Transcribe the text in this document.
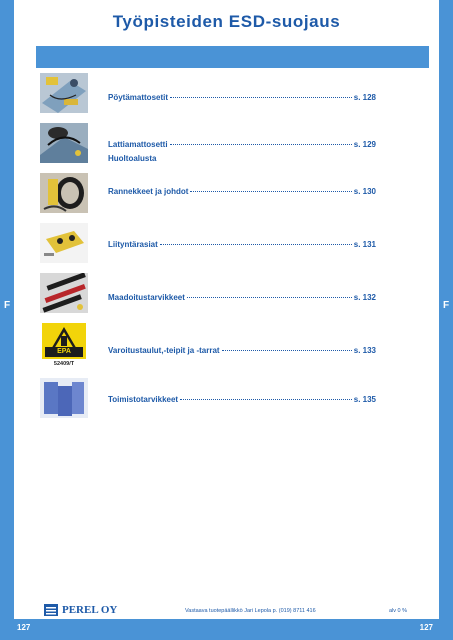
Työpisteiden ESD-suojaus
F	F
Pöytämattosetit	s. 128
Lattiamattosetti	s. 129
Huoltoalusta
Rannekkeet ja johdot	s. 130
Liityntärasiat	s. 131
Maadoitustarvikkeet	s. 132
EPA
52409/T
Varoitustaulut,-teipit ja -tarrat	s. 133
Toimistotarvikkeet	s. 135
PEREL OY	Vastaava tuotepäällikkö Jari Lepola p. (019) 8711 416	alv 0 %
127	127
